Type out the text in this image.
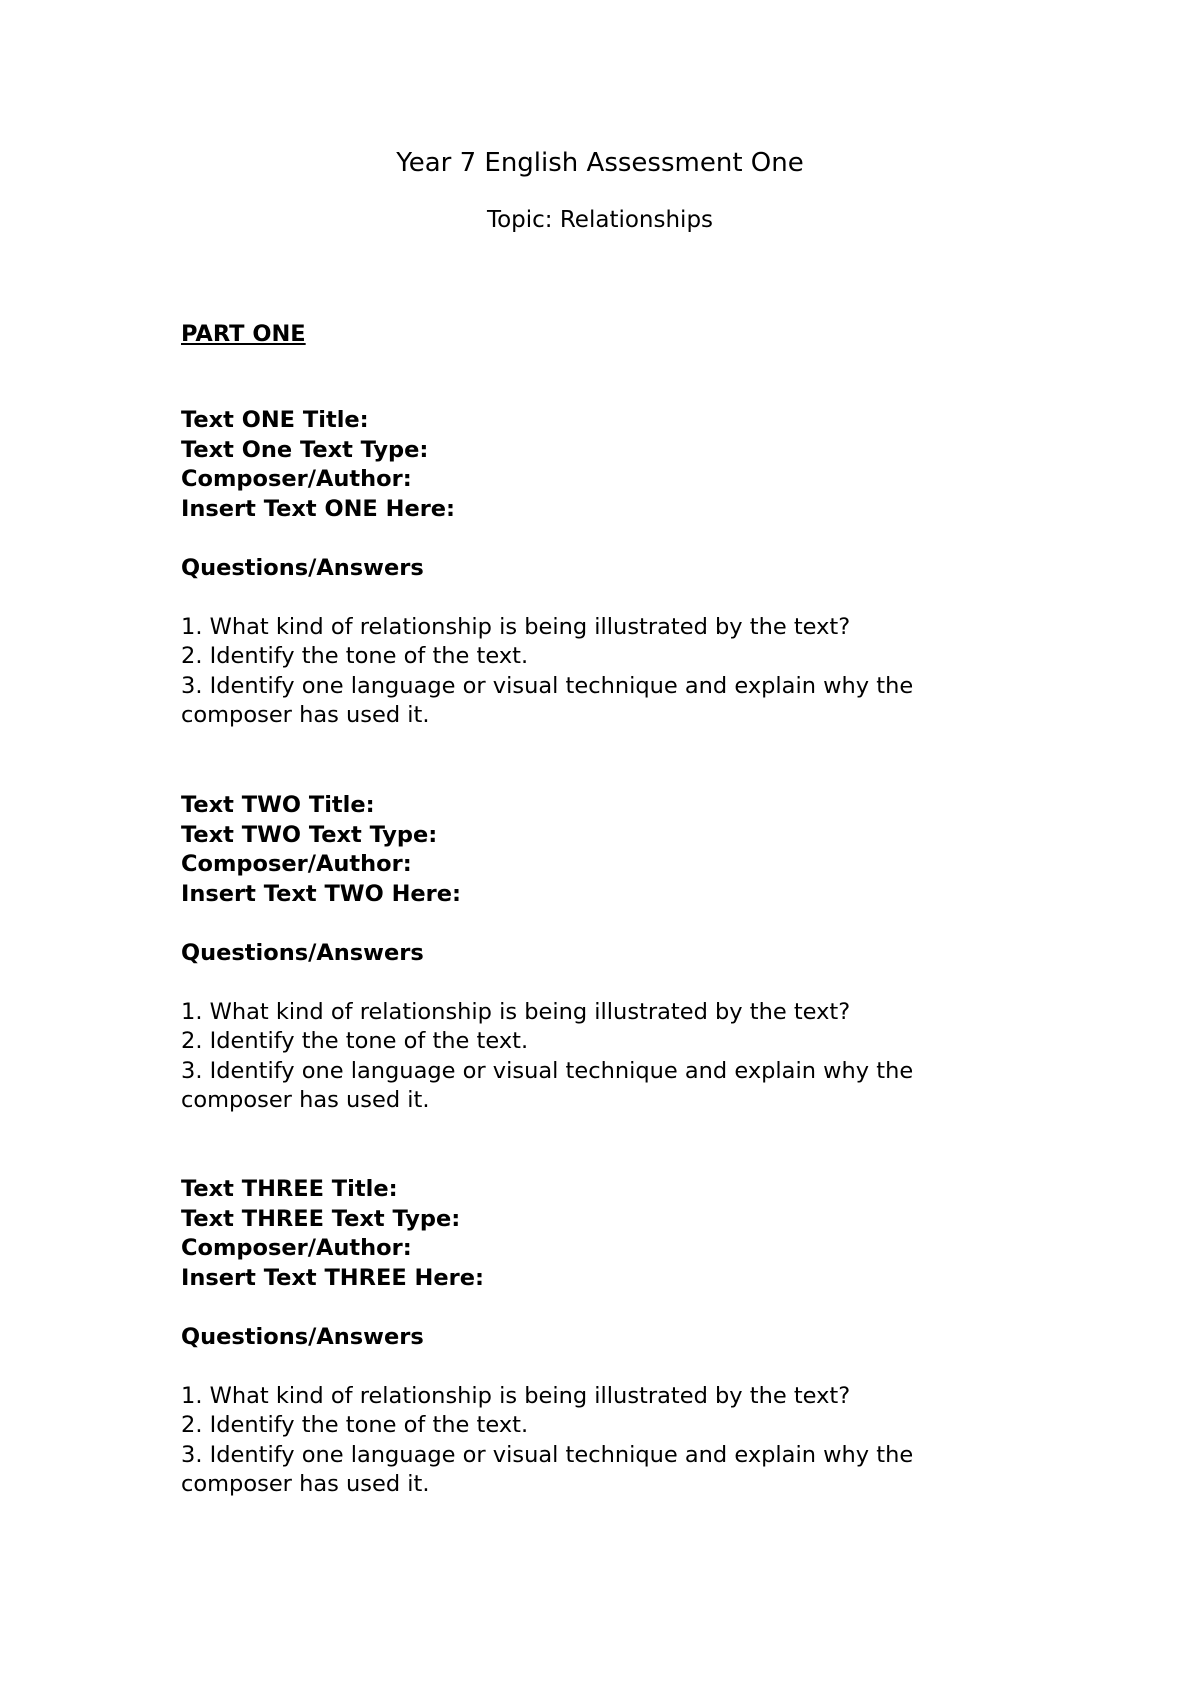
Year 7 English Assessment One

Topic: Relationships

PART ONE

Text ONE Title:

Text One Text Type:

Composer/Author:

Insert Text ONE Here:

Questions/Answers

1. What kind of relationship is being illustrated by the text?

2. Identify the tone of the text.

3. Identify one language or visual technique and explain why the composer has used it.

Text TWO Title:

Text TWO Text Type:

Composer/Author:

Insert Text TWO Here:

Questions/Answers

1. What kind of relationship is being illustrated by the text?

2. Identify the tone of the text.

3. Identify one language or visual technique and explain why the composer has used it.

Text THREE Title:

Text THREE Text Type:

Composer/Author:

Insert Text THREE Here:

Questions/Answers

1. What kind of relationship is being illustrated by the text?

2. Identify the tone of the text.

3. Identify one language or visual technique and explain why the composer has used it.
